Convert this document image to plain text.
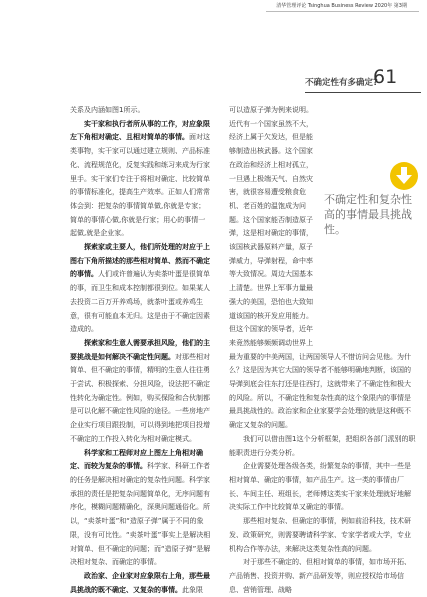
清华管理评论 Tsinghua Business Review 2020年 第3期
不确定性有多确定?
61

关系及内涵如图1所示。

实干家和执行者所从事的工作，对应象限左下角相对确定、且相对简单的事情。面对这类事物，实干家可以通过建立规则、产品标准化、流程规范化，反复实践和练习来成为行家里手。实干家们专注于将相对确定、比较简单的事情标准化，提高生产效率。正如人们常常体会到：把复杂的事情简单做,你就是专家；简单的事情心做,你就是行家；用心的事情一起做,就是企业家。

探索家或主要人，他们所处理的对应于上图右下角所描述的那些相对简单、然而不确定的事情。人们或许曾遍认为卖茶叶蛋是很简单的事，而卫生和成本控制都很到位。如果某人去投资二百万开养鸡场，就茶叶蛋或养鸡生意，很有可能血本无归。这是由于不确定因素造成的。

探索家和生意人需要承担风险，他们的主要挑战是如何解决不确定性问题。对那些相对简单、但不确定的事情，精明的生意人往往勇于尝试、积极探索、分担风险，设法把不确定性转化为确定性。例如，购买保险和合伙制都是可以化解不确定性风险的途径。一些房地产企业实行项目跟投制，可以得到地把项目投增不确定的工作投入转化为相对确定模式。

科学家和工程师对应上图左上角相对确定、而较为复杂的事情。科学家、科研工作者的任务是解决相对确定的复杂性问题。科学家承担的责任是把复杂问题简单化，无序问题有序化，模糊问题精确化，深奥问题通俗化。所以，“卖茶叶蛋”和“造原子弹”属于不同的象限，没有可比性。“卖茶叶蛋”事实上是解决相对简单、但不确定的问题；而“造原子弹”是解决相对复杂、而确定的事情。

政治家、企业家对应象限右上角，那些最具挑战的既不确定、又复杂的事情。此象限

不确定性和复杂性高的事情最具挑战性。

可以造原子弹为例来说明。近代有一个国家虽然不大，经济上属于欠发达，但是能够制造出核武器。这个国家在政治和经济上相对孤立，一旦遇上极端天气、自然灾害，就很容易遭受粮食危机、老百姓的温饱成为问题。这个国家能否制造原子弹，这是相对确定的事情，该国核武器原料产量，原子弹威力，导弹射程，命中率等大致情况。周边大国基本上清楚。世界上军事力量最强大的美国，恐怕也大致知道该国的核开发应用能力。但这个国家的领导者，近年来竟然能够频频调动世界上最为重要的中美两国，让两国领导人不惜访问会见他。为什么？这是因为其它大国的领导者不能够明确地判断，该国的导弹到底会往东打还是往西打，这就带来了不确定性和极大的风险。所以，不确定性和复杂性高的这个象限内的事情是最具挑战性的。政治家和企业家要学会处理的就是这种既不确定又复杂的问题。

我们可以借由图1这个分析框架，把组织各部门派别的职能职责进行分类分析。

企业需要处理各级各类，纷繁复杂的事情，其中一些是相对简单、确定的事情，如产品生产。这一类的事情由厂长、车间主任、班组长，老师傅这类实干家来处理就好地解决实际工作中比较简单又确定的事情。

那些相对复杂、但确定的事情，例如前沿科技，技术研发、政策研究，则需要聘请科学家、专家学者或大学，专业机构合作等办法，来解决这类复杂性高的问题。

对于那些不确定的、但相对简单的事情，如市场开拓、产品销售、投资并购、新产品研发等，则应授权给市场信息、营销管理、战略
